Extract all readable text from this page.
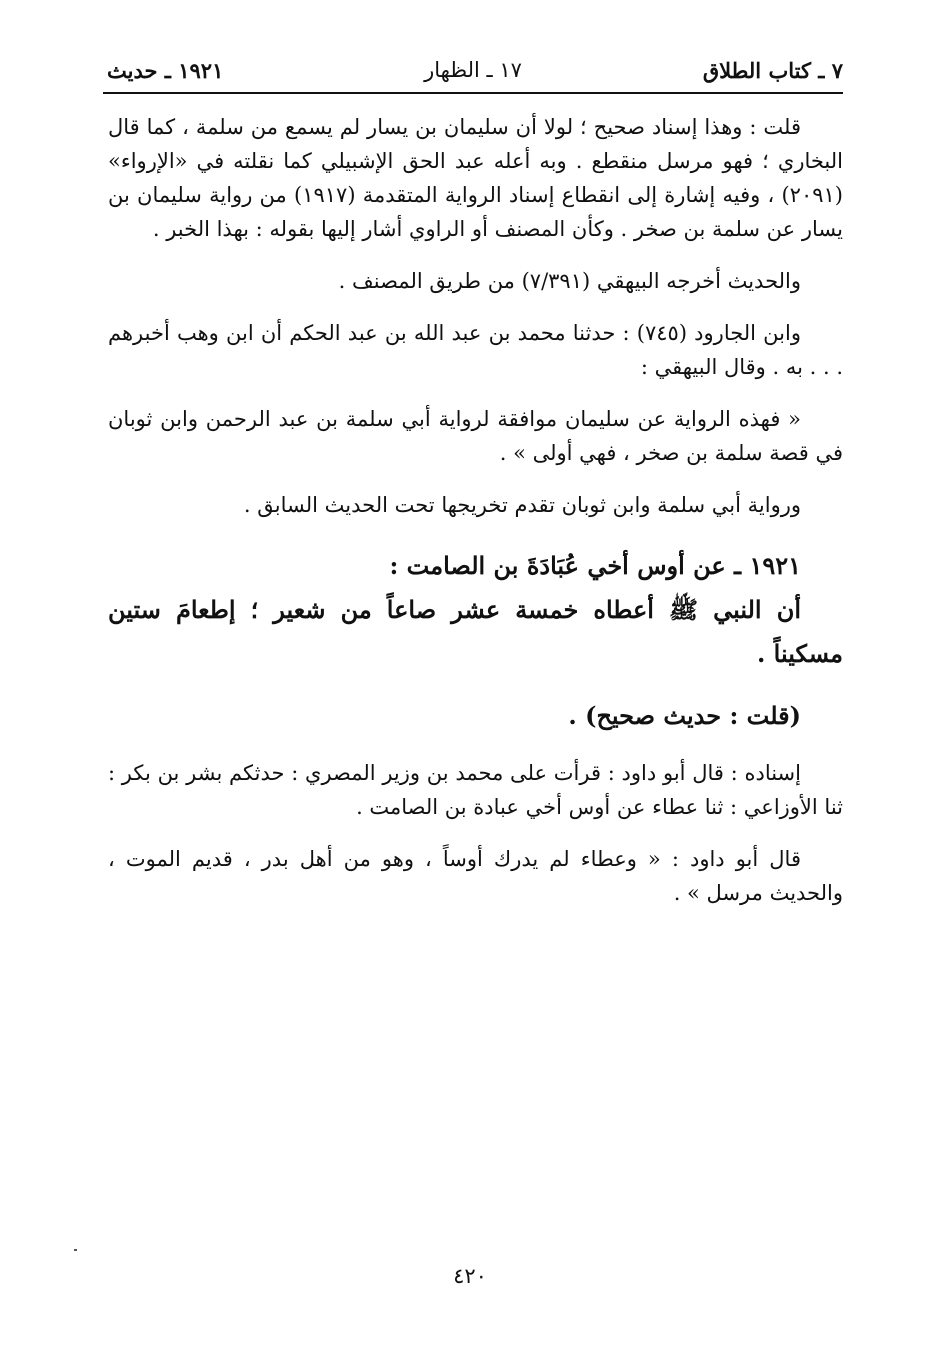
٧ ـ كتاب الطلاق
١٧ ـ الظهار
١٩٢١ ـ حديث

قلت : وهذا إسناد صحيح ؛ لولا أن سليمان بن يسار لم يسمع من سلمة ، كما قال البخاري ؛ فهو مرسل منقطع . وبه أعله عبد الحق الإشبيلي كما نقلته في «الإرواء» (٢٠٩١) ، وفيه إشارة إلى انقطاع إسناد الرواية المتقدمة (١٩١٧) من رواية سليمان بن يسار عن سلمة بن صخر . وكأن المصنف أو الراوي أشار إليها بقوله : بهذا الخبر .

والحديث أخرجه البيهقي (٧/٣٩١) من طريق المصنف .

وابن الجارود (٧٤٥) : حدثنا محمد بن عبد الله بن عبد الحكم أن ابن وهب أخبرهم . . . به . وقال البيهقي :

« فهذه الرواية عن سليمان موافقة لرواية أبي سلمة بن عبد الرحمن وابن ثوبان في قصة سلمة بن صخر ، فهي أولى » .

ورواية أبي سلمة وابن ثوبان تقدم تخريجها تحت الحديث السابق .

١٩٢١ ـ عن أوس أخي عُبَادَةَ بن الصامت :

أن النبي ﷺ أعطاه خمسة عشر صاعاً من شعير ؛ إطعامَ ستين مسكيناً .

(قلت : حديث صحيح) .

إسناده : قال أبو داود : قرأت على محمد بن وزير المصري : حدثكم بشر بن بكر : ثنا الأوزاعي : ثنا عطاء عن أوس أخي عبادة بن الصامت .

قال أبو داود : « وعطاء لم يدرك أوساً ، وهو من أهل بدر ، قديم الموت ، والحديث مرسل » .

٤٢٠
